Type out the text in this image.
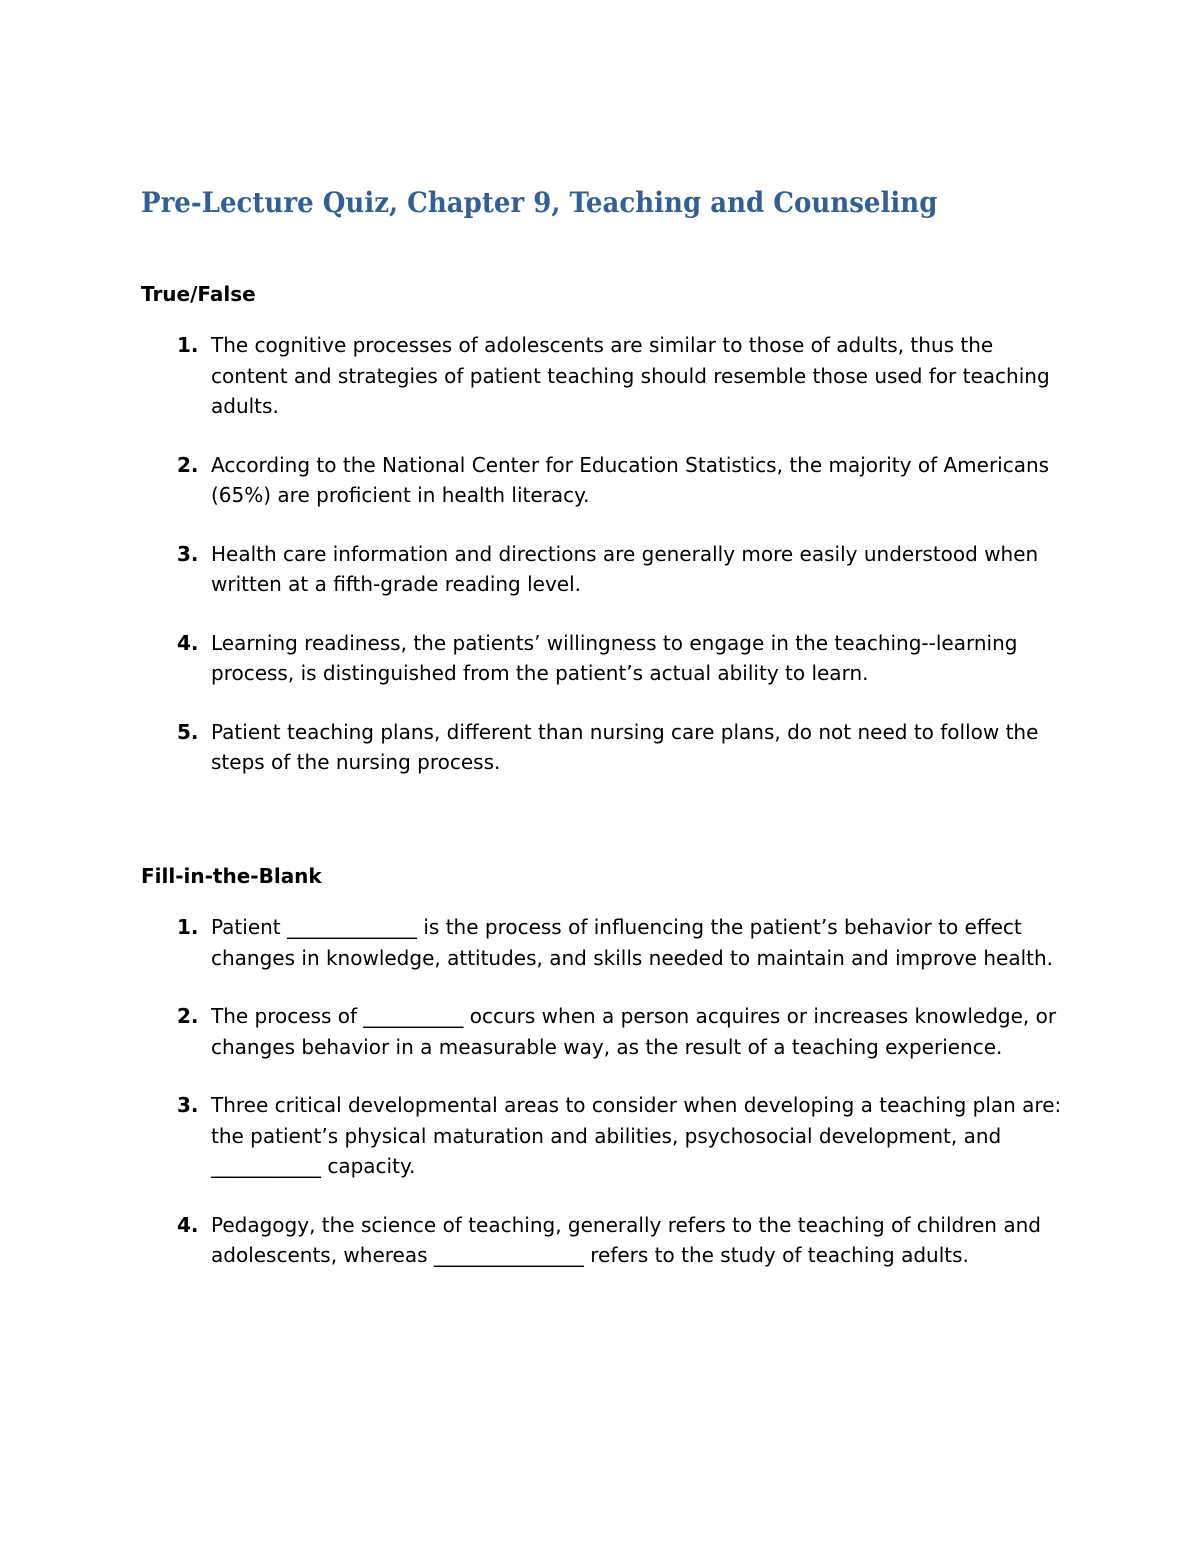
Pre-Lecture Quiz, Chapter 9, Teaching and Counseling
True/False
1. The cognitive processes of adolescents are similar to those of adults, thus the content and strategies of patient teaching should resemble those used for teaching adults.
2. According to the National Center for Education Statistics, the majority of Americans (65%) are proficient in health literacy.
3. Health care information and directions are generally more easily understood when written at a fifth-grade reading level.
4. Learning readiness, the patients’ willingness to engage in the teaching--learning process, is distinguished from the patient’s actual ability to learn.
5. Patient teaching plans, different than nursing care plans, do not need to follow the steps of the nursing process.
Fill-in-the-Blank
1. Patient _____________ is the process of influencing the patient’s behavior to effect changes in knowledge, attitudes, and skills needed to maintain and improve health.
2. The process of __________ occurs when a person acquires or increases knowledge, or changes behavior in a measurable way, as the result of a teaching experience.
3. Three critical developmental areas to consider when developing a teaching plan are: the patient’s physical maturation and abilities, psychosocial development, and ___________ capacity.
4. Pedagogy, the science of teaching, generally refers to the teaching of children and adolescents, whereas _______________ refers to the study of teaching adults.
